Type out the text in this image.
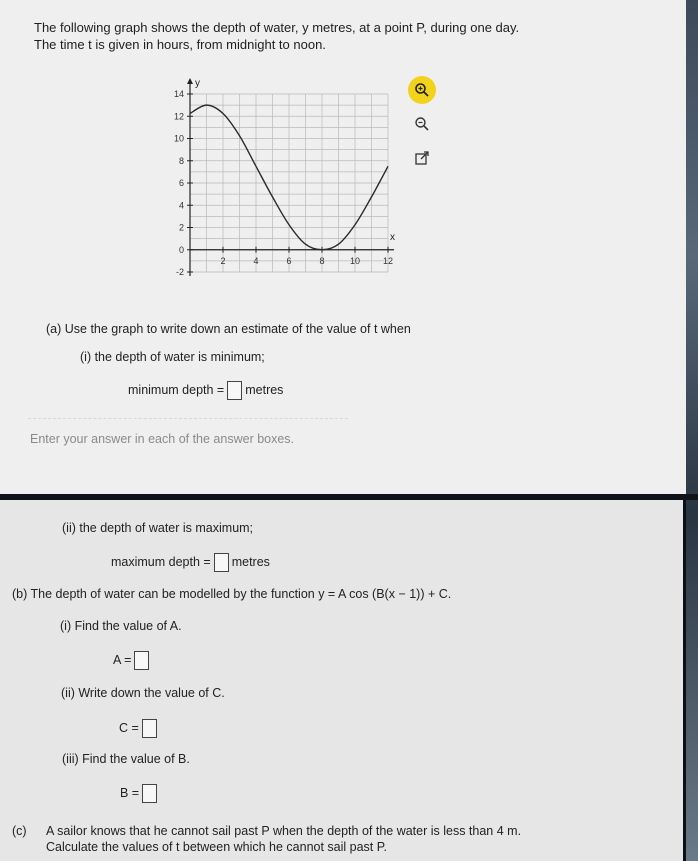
The following graph shows the depth of water, y metres, at a point P, during one day.
The time t is given in hours, from midnight to noon.
14
12
10
8
6
4
2
0
-2
2	4	6	8	10	12
y
x
(a) Use the graph to write down an estimate of the value of t when
(i) the depth of water is minimum;
minimum depth = metres
Enter your answer in each of the answer boxes.
(ii) the depth of water is maximum;
maximum depth = metres
(b) The depth of water can be modelled by the function y = A cos (B(x − 1)) + C.
(i) Find the value of A.
A =
(ii) Write down the value of C.
C =
(iii) Find the value of B.
B =
(c) A sailor knows that he cannot sail past P when the depth of the water is less than 4 m.
Calculate the values of t between which he cannot sail past P.
